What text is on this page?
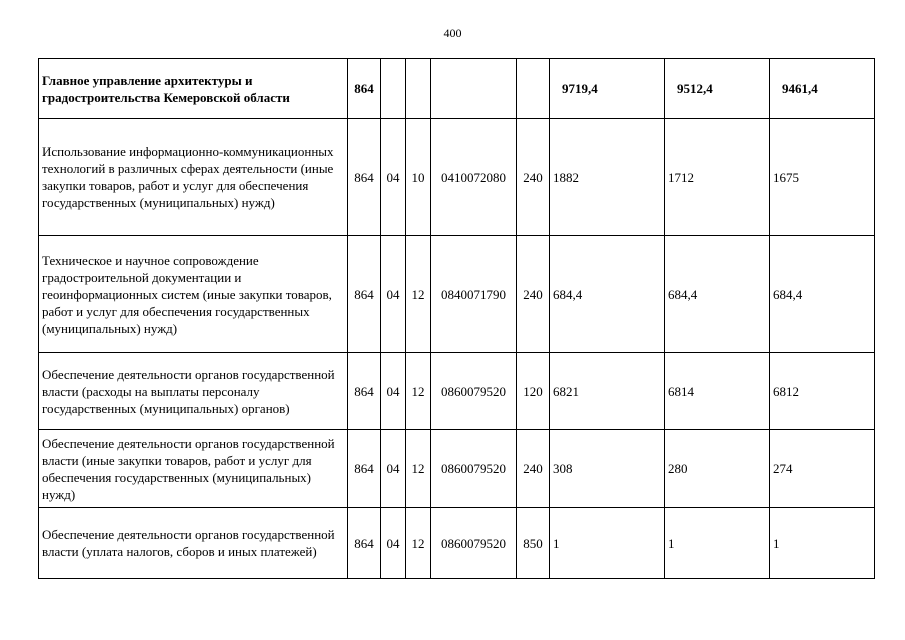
400
Главное управление архитектуры и градостроительства Кемеровской области	864					9719,4	9512,4	9461,4
Использование информационно-коммуникационных технологий в различных сферах деятельности (иные закупки товаров, работ и услуг для обеспечения государственных (муниципальных) нужд)	864	04	10	0410072080	240	1882	1712	1675
Техническое и научное сопровождение градостроительной документации и геоинформационных систем (иные закупки товаров, работ и услуг для обеспечения государственных (муниципальных) нужд)	864	04	12	0840071790	240	684,4	684,4	684,4
Обеспечение деятельности органов государственной власти (расходы на выплаты персоналу государственных (муниципальных) органов)	864	04	12	0860079520	120	6821	6814	6812
Обеспечение деятельности органов государственной власти (иные закупки товаров, работ и услуг для обеспечения государственных (муниципальных) нужд)	864	04	12	0860079520	240	308	280	274
Обеспечение деятельности органов государственной власти (уплата налогов, сборов и иных платежей)	864	04	12	0860079520	850	1	1	1
